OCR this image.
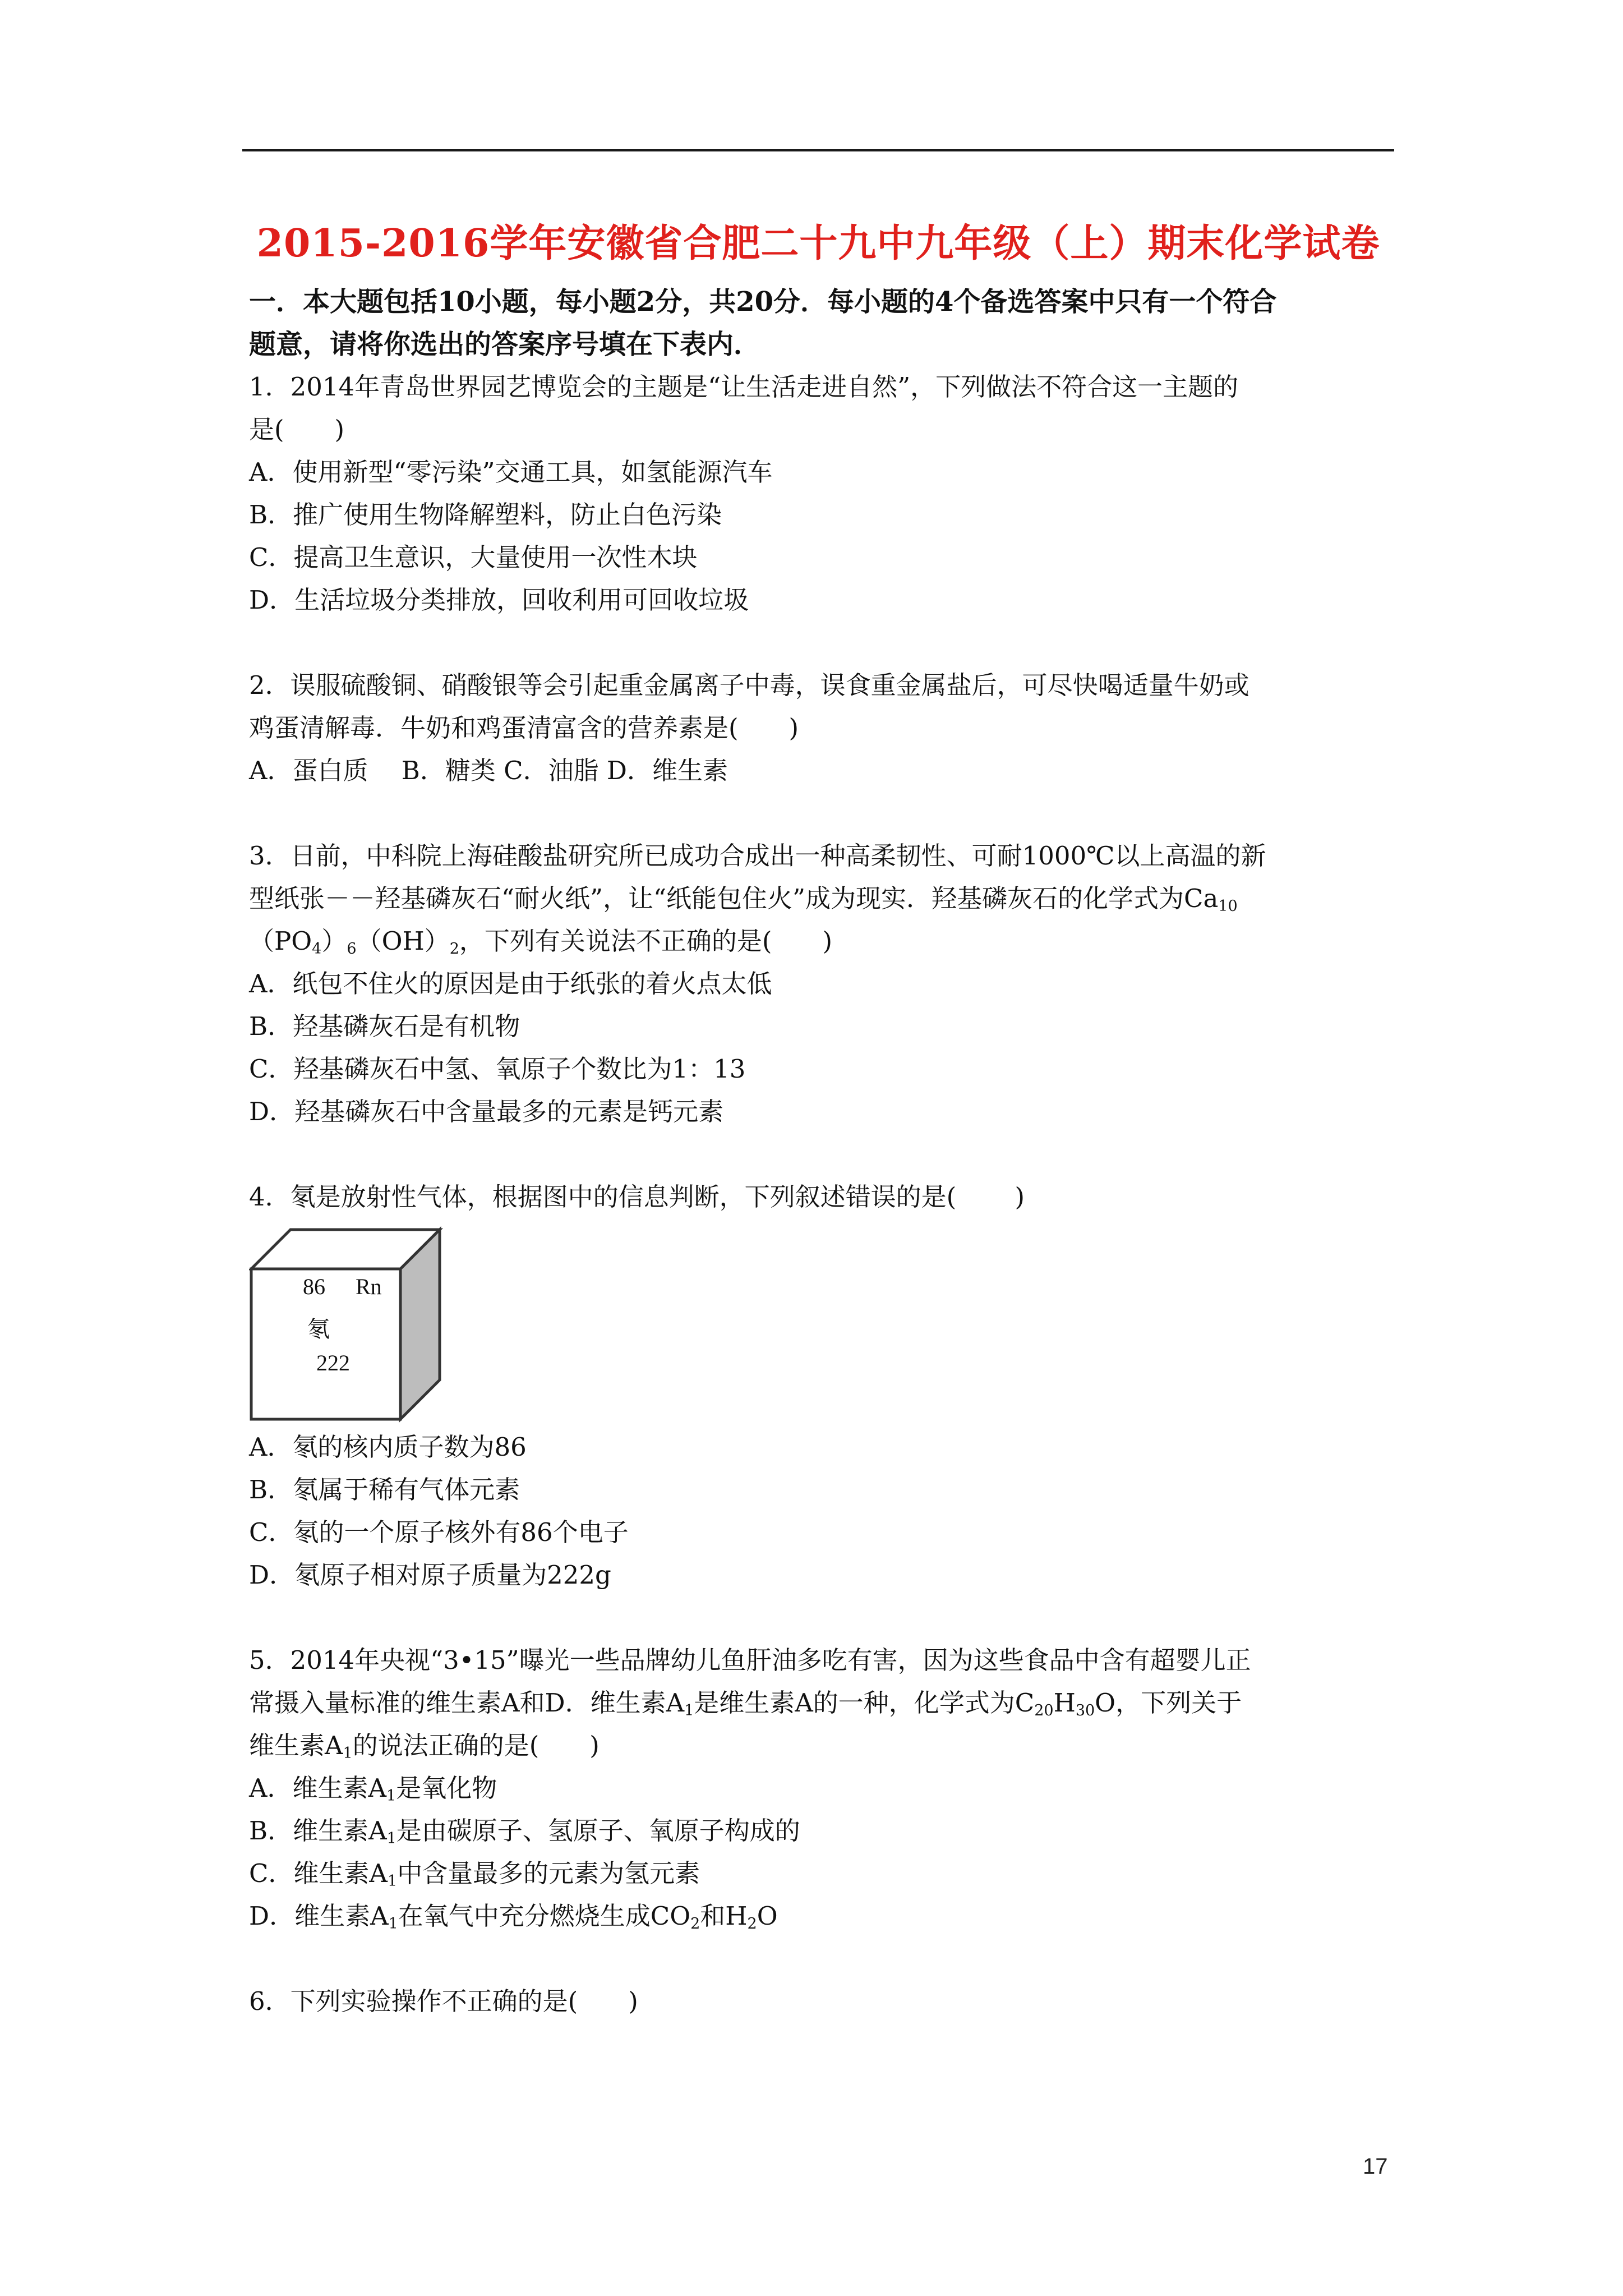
2015-2016学年安徽省合肥二十九中九年级（上）期末化学试卷
一．本大题包括10小题，每小题2分，共20分．每小题的4个备选答案中只有一个符合
题意，请将你选出的答案序号填在下表内．
1．2014年青岛世界园艺博览会的主题是“让生活走进自然”，下列做法不符合这一主题的
是(　　)
A．使用新型“零污染”交通工具，如氢能源汽车
B．推广使用生物降解塑料，防止白色污染
C．提高卫生意识，大量使用一次性木块
D．生活垃圾分类排放，回收利用可回收垃圾
2．误服硫酸铜、硝酸银等会引起重金属离子中毒，误食重金属盐后，可尽快喝适量牛奶或
鸡蛋清解毒．牛奶和鸡蛋清富含的营养素是(　　)
A．蛋白质　 B．糖类 C．油脂 D．维生素
3．日前，中科院上海硅酸盐研究所已成功合成出一种高柔韧性、可耐1000℃以上高温的新
型纸张－－羟基磷灰石“耐火纸”，让“纸能包住火”成为现实．羟基磷灰石的化学式为$Ca_{10}$
$(PO_4)_6(OH)_2$，下列有关说法不正确的是(　　)
A．纸包不住火的原因是由于纸张的着火点太低
B．羟基磷灰石是有机物
C．羟基磷灰石中氢、氧原子个数比为1：13
D．羟基磷灰石中含量最多的元素是钙元素
4．氡是放射性气体，根据图中的信息判断，下列叙述错误的是(　　 )
86 Rn
氡
222
A．氡的核内质子数为86
B．氡属于稀有气体元素
C．氡的一个原子核外有86个电子
D．氡原子相对原子质量为222g
5．2014年央视“3•15”曝光一些品牌幼儿鱼肝油多吃有害，因为这些食品中含有超婴儿正
常摄入量标准的维生素A和D．维生素$A_1$是维生素A的一种，化学式为$C_{20}H_{30}O$，下列关于
维生素$A_1$的说法正确的是(　　)
A．维生素$A_1$是氧化物
B．维生素$A_1$是由碳原子、氢原子、氧原子构成的
C．维生素$A_1$中含量最多的元素为氢元素
D．维生素$A_1$在氧气中充分燃烧生成$CO_2$和$H_2O$
6．下列实验操作不正确的是(　　)
17
